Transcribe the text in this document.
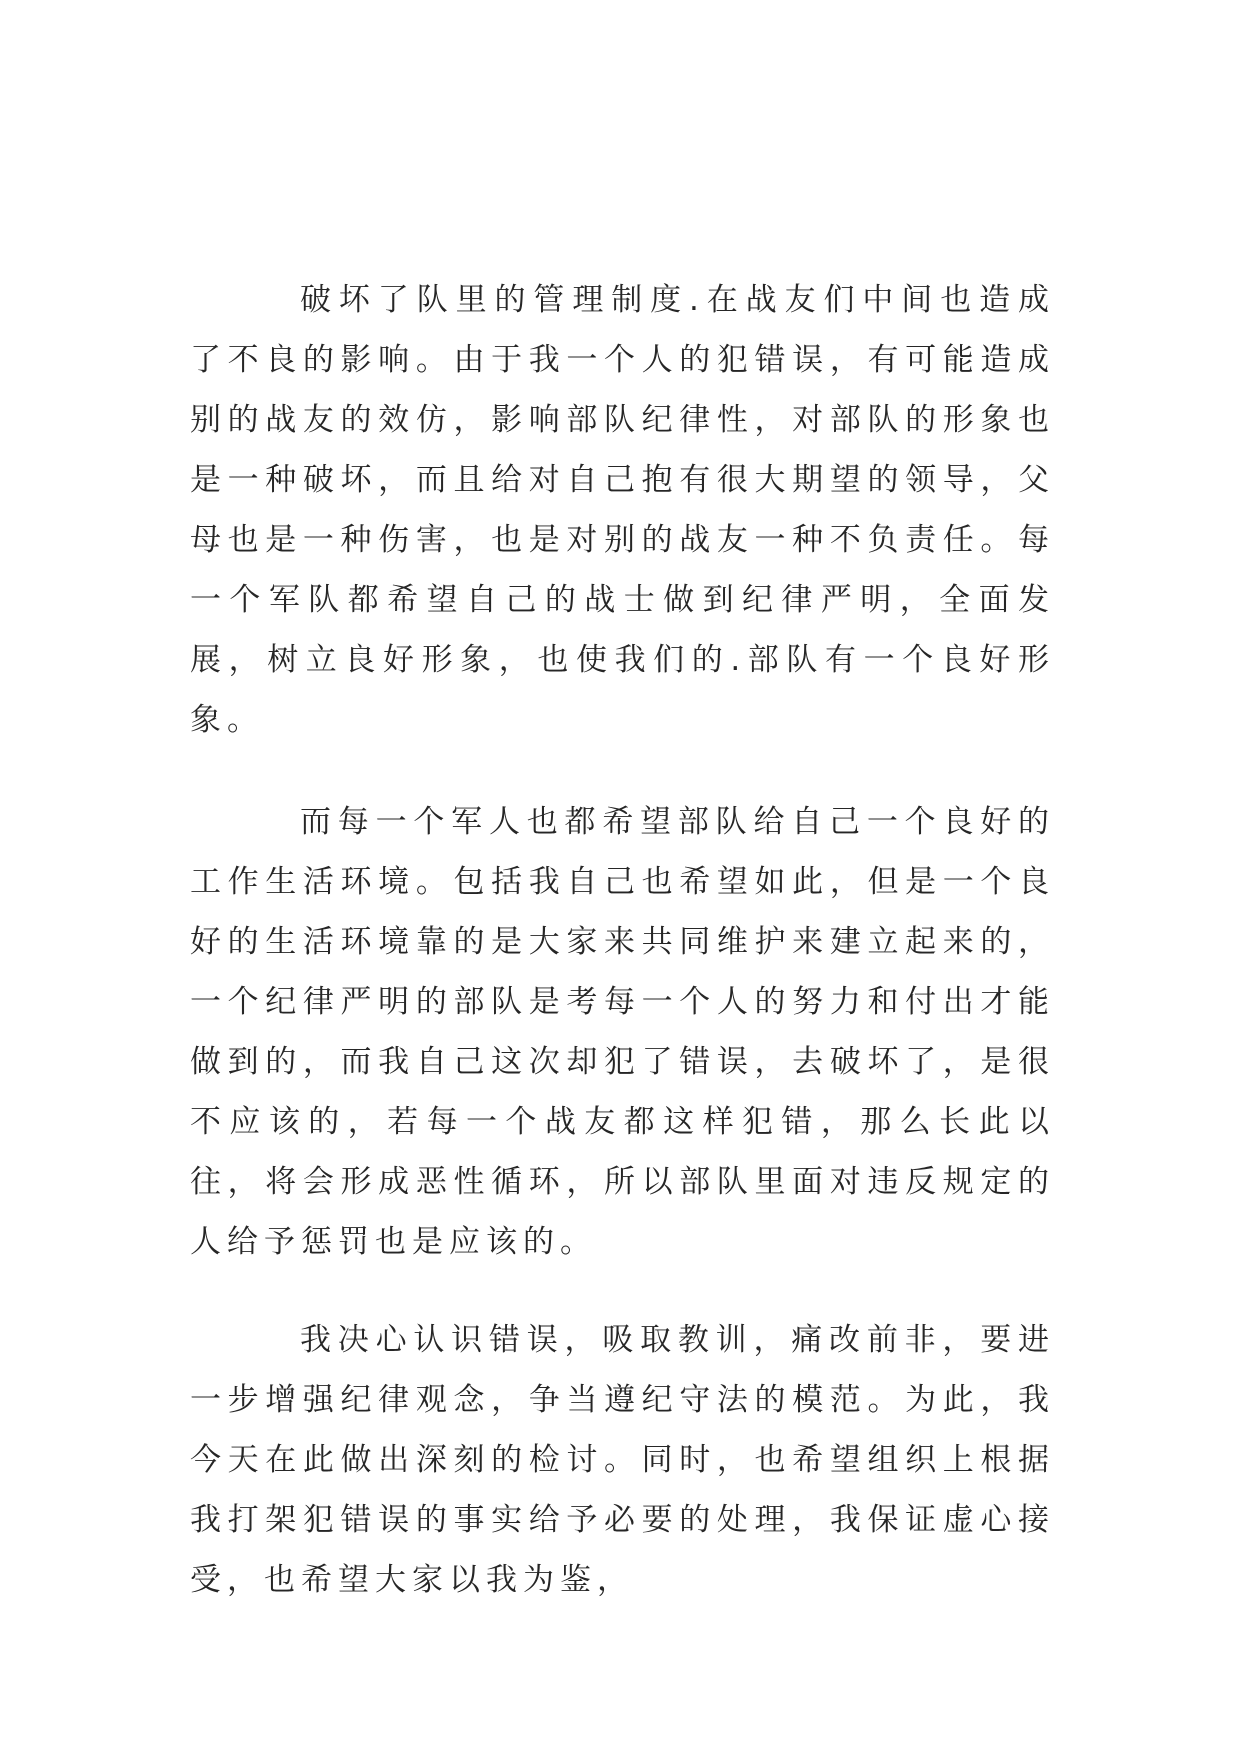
破坏了队里的管理制度.在战友们中间也造成了不良的影响。由于我一个人的犯错误，有可能造成别的战友的效仿，影响部队纪律性，对部队的形象也是一种破坏，而且给对自己抱有很大期望的领导，父母也是一种伤害，也是对别的战友一种不负责任。每一个军队都希望自己的战士做到纪律严明，全面发展，树立良好形象，也使我们的.部队有一个良好形象。

而每一个军人也都希望部队给自己一个良好的工作生活环境。包括我自己也希望如此，但是一个良好的生活环境靠的是大家来共同维护来建立起来的，一个纪律严明的部队是考每一个人的努力和付出才能做到的，而我自己这次却犯了错误，去破坏了，是很不应该的，若每一个战友都这样犯错，那么长此以往，将会形成恶性循环，所以部队里面对违反规定的人给予惩罚也是应该的。

我决心认识错误，吸取教训，痛改前非，要进一步增强纪律观念，争当遵纪守法的模范。为此，我今天在此做出深刻的检讨。同时，也希望组织上根据我打架犯错误的事实给予必要的处理，我保证虚心接受，也希望大家以我为鉴，
